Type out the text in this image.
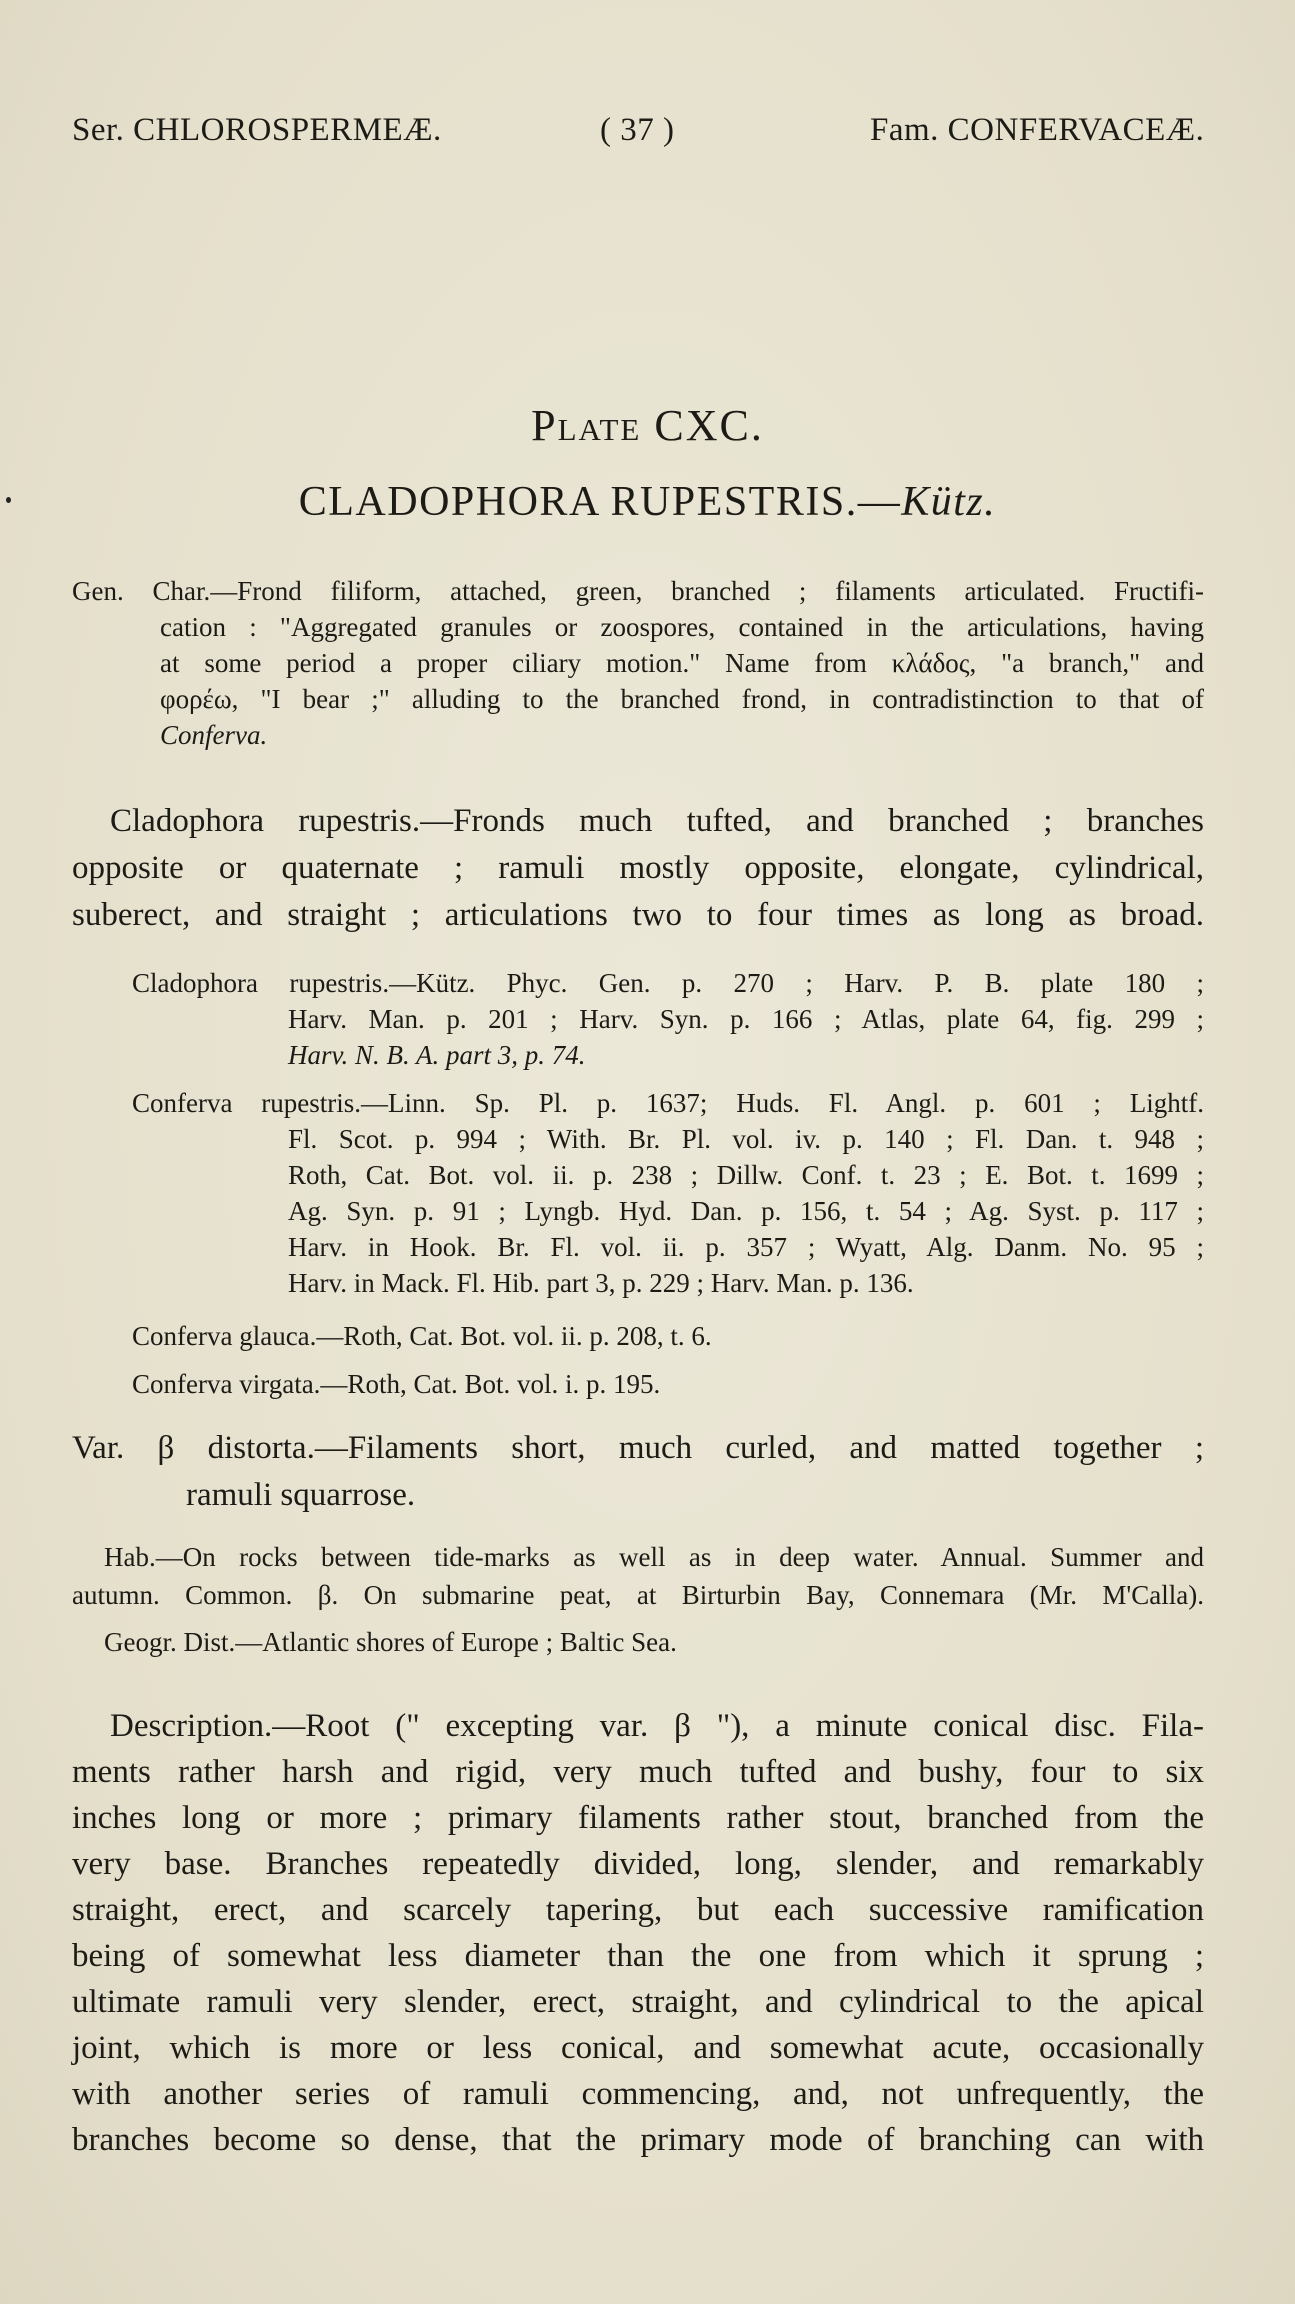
Ser. CHLOROSPERMEÆ.	( 37 )	Fam. CONFERVACEÆ.
Plate CXC.
CLADOPHORA RUPESTRIS.—Kütz.
Gen. Char.—Frond filiform, attached, green, branched ; filaments articulated. Fructifi-
cation : "Aggregated granules or zoospores, contained in the articulations, having
at some period a proper ciliary motion." Name from κλάδος, "a branch," and
φορέω, "I bear ;" alluding to the branched frond, in contradistinction to that of
Conferva.
Cladophora rupestris.—Fronds much tufted, and branched ; branches
opposite or quaternate ; ramuli mostly opposite, elongate, cylindrical,
suberect, and straight ; articulations two to four times as long as broad.
Cladophora rupestris.—Kütz. Phyc. Gen. p. 270 ; Harv. P. B. plate 180 ;
Harv. Man. p. 201 ; Harv. Syn. p. 166 ; Atlas, plate 64, fig. 299 ;
Harv. N. B. A. part 3, p. 74.
Conferva rupestris.—Linn. Sp. Pl. p. 1637; Huds. Fl. Angl. p. 601 ; Lightf.
Fl. Scot. p. 994 ; With. Br. Pl. vol. iv. p. 140 ; Fl. Dan. t. 948 ;
Roth, Cat. Bot. vol. ii. p. 238 ; Dillw. Conf. t. 23 ; E. Bot. t. 1699 ;
Ag. Syn. p. 91 ; Lyngb. Hyd. Dan. p. 156, t. 54 ; Ag. Syst. p. 117 ;
Harv. in Hook. Br. Fl. vol. ii. p. 357 ; Wyatt, Alg. Danm. No. 95 ;
Harv. in Mack. Fl. Hib. part 3, p. 229 ; Harv. Man. p. 136.
Conferva glauca.—Roth, Cat. Bot. vol. ii. p. 208, t. 6.
Conferva virgata.—Roth, Cat. Bot. vol. i. p. 195.
Var. β distorta.—Filaments short, much curled, and matted together ;
ramuli squarrose.
Hab.—On rocks between tide-marks as well as in deep water. Annual. Summer and
autumn. Common. β. On submarine peat, at Birturbin Bay, Connemara (Mr. M'Calla).
Geogr. Dist.—Atlantic shores of Europe ; Baltic Sea.
Description.—Root (" excepting var. β "), a minute conical disc. Fila-
ments rather harsh and rigid, very much tufted and bushy, four to six
inches long or more ; primary filaments rather stout, branched from the
very base. Branches repeatedly divided, long, slender, and remarkably
straight, erect, and scarcely tapering, but each successive ramification
being of somewhat less diameter than the one from which it sprung ;
ultimate ramuli very slender, erect, straight, and cylindrical to the apical
joint, which is more or less conical, and somewhat acute, occasionally
with another series of ramuli commencing, and, not unfrequently, the
branches become so dense, that the primary mode of branching can with
